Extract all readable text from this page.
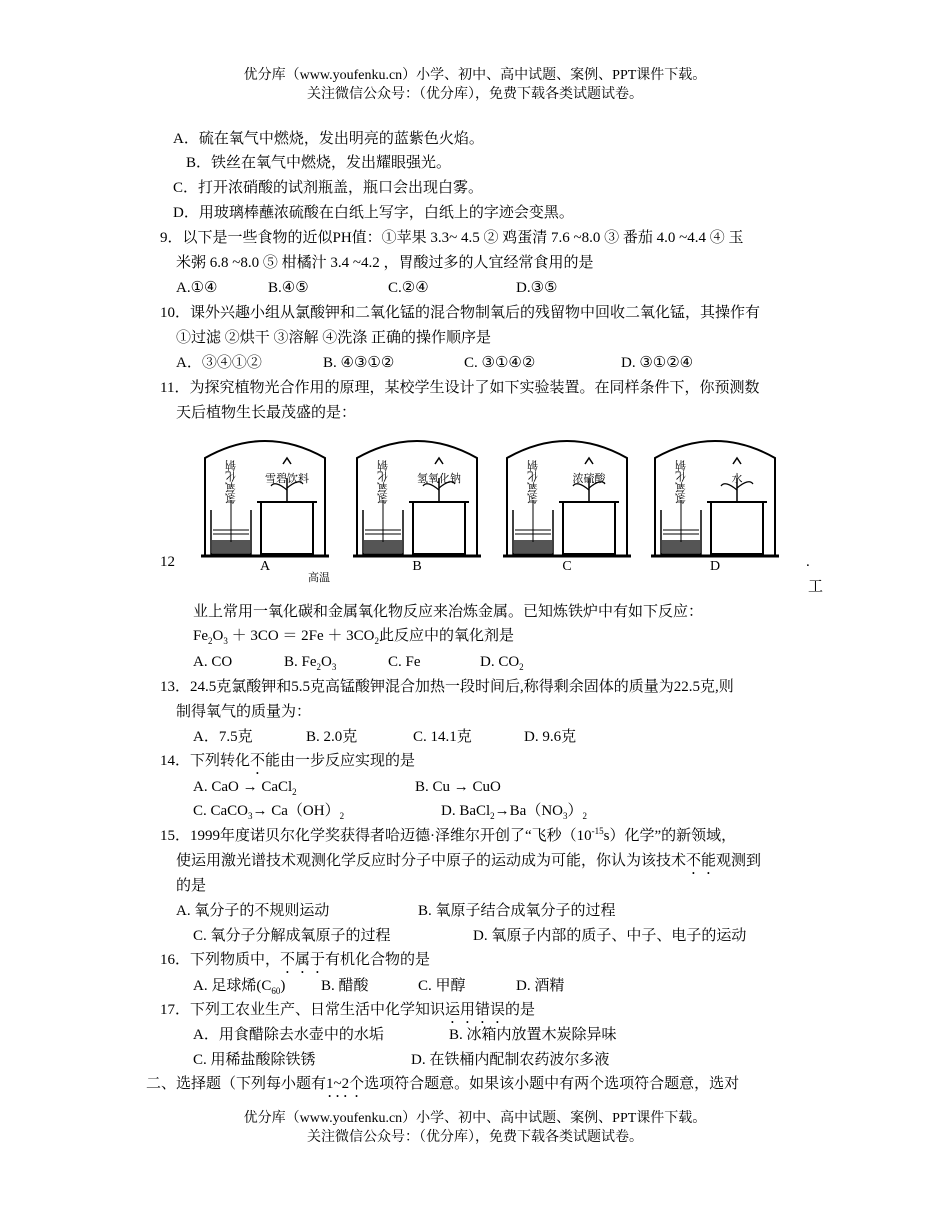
优分库（www.youfenku.cn）小学、初中、高中试题、案例、PPT课件下载。
关注微信公众号：（优分库），免费下载各类试题试卷。
A．硫在氧气中燃烧，发出明亮的蓝紫色火焰。
B．铁丝在氧气中燃烧，发出耀眼强光。
C．打开浓硝酸的试剂瓶盖，瓶口会出现白雾。
D．用玻璃棒蘸浓硫酸在白纸上写字，白纸上的字迹会变黑。
9．以下是一些食物的近似PH值：①苹果 3.3~ 4.5 ② 鸡蛋清 7.6 ~8.0 ③ 番茄 4.0 ~4.4 ④ 玉
米粥 6.8 ~8.0 ⑤ 柑橘汁 3.4 ~4.2 ，胃酸过多的人宜经常食用的是
A.①④	B.④⑤	C.②④	D.③⑤
10．课外兴趣小组从氯酸钾和二氧化锰的混合物制氧后的残留物中回收二氧化锰，其操作有
①过滤 ②烘干 ③溶解 ④洗涤 正确的操作顺序是
A．③④①②	B. ④③①②	C. ③①④②	D. ③①②④
11．为探究植物光合作用的原理，某校学生设计了如下实验装置。在同样条件下，你预测数
天后植物生长最茂盛的是：
氢氧化钠	雪碧饮料
A
氢氧化钠	氢氧化钠
B
氢氧化钠	浓硫酸
C
氢氧化钠	水
D
12	.
高温
工
业上常用一氧化碳和金属氧化物反应来冶炼金属。已知炼铁炉中有如下反应：
$Fe_2O_3 + 3CO = 2Fe + 3CO_2$此反应中的氧化剂是
A. CO	B. $Fe_2O_3$	C. Fe	D. $CO_2$
13．24.5克氯酸钾和5.5克高锰酸钾混合加热一段时间后,称得剩余固体的质量为22.5克,则
制得氧气的质量为：
A．7.5克	B. 2.0克	C. 14.1克	D. 9.6克
14．下列转化不能由一步反应实现的是
A. CaO → CaCl$_2$	B. Cu → CuO
C. CaCO$_3$→ $Ca(OH)_2$	D. $BaCl_2\to Ba(NO_3)_2$
15．1999年度诺贝尔化学奖获得者哈迈德·泽维尔开创了“飞秒$(10^{-15}s)$化学”的新领域，
使运用激光谱技术观测化学反应时分子中原子的运动成为可能，你认为该技术不能观测到
的是
A. 氧分子的不规则运动	B. 氧原子结合成氧分子的过程
C. 氧分子分解成氧原子的过程	D. 氧原子内部的质子、中子、电子的运动
16．下列物质中，不属于有机化合物的是
A. 足球烯$(C_{60})$ B. 醋酸	C. 甲醇	D. 酒精
17．下列工农业生产、日常生活中化学知识运用错误的是
A．用食醋除去水壶中的水垢	B. 冰箱内放置木炭除异味
C. 用稀盐酸除铁锈	D. 在铁桶内配制农药波尔多液
二、选择题（下列每小题有1~2个选项符合题意。如果该小题中有两个选项符合题意，选对
优分库（www.youfenku.cn）小学、初中、高中试题、案例、PPT课件下载。
关注微信公众号：（优分库），免费下载各类试题试卷。
